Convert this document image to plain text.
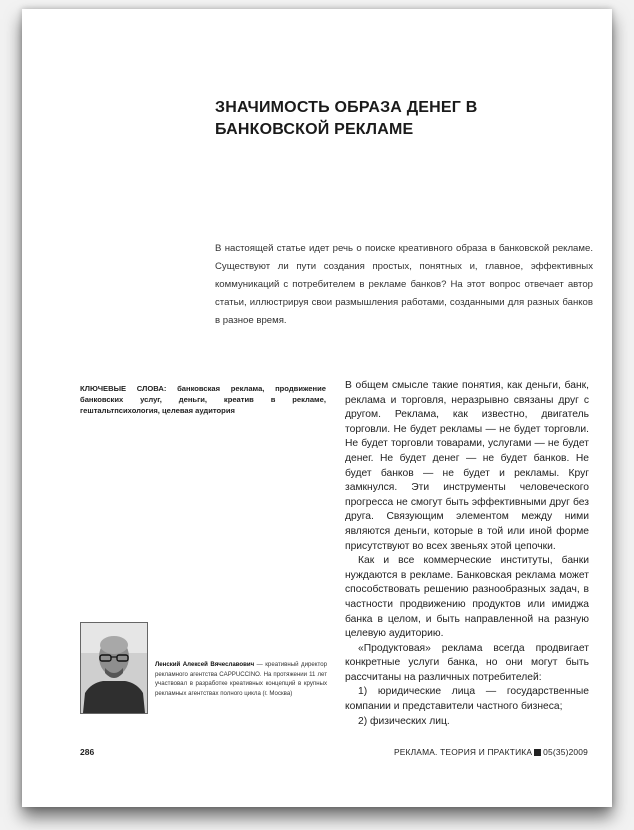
ЗНАЧИМОСТЬ ОБРАЗА ДЕНЕГ В БАНКОВСКОЙ РЕКЛАМЕ
В настоящей статье идет речь о поиске креативного образа в банковской рекламе. Существуют ли пути создания простых, понятных и, главное, эффективных коммуникаций с потребителем в рекламе банков? На этот вопрос отвечает автор статьи, иллюстрируя свои размышления работами, созданными для разных банков в разное время.
КЛЮЧЕВЫЕ СЛОВА: банковская реклама, продвижение банковских услуг, деньги, креатив в рекламе, гештальтпсихология, целевая аудитория

В общем смысле такие понятия, как деньги, банк, реклама и торговля, неразрывно связаны друг с другом. Реклама, как известно, двигатель торговли. Не будет рекламы — не будет торговли. Не будет торговли товарами, услугами — не будет денег. Не будет денег — не будет банков. Не будет банков — не будет и рекламы. Круг замкнулся. Эти инструменты человеческого прогресса не смогут быть эффективными друг без друга. Связующим элементом между ними являются деньги, которые в той или иной форме присутствуют во всех звеньях этой цепочки.

Как и все коммерческие институты, банки нуждаются в рекламе. Банковская реклама может способствовать решению разнообразных задач, в частности продвижению продуктов или имиджа банка в целом, и быть направленной на разную целевую аудиторию.

«Продуктовая» реклама всегда продвигает конкретные услуги банка, но они могут быть рассчитаны на различных потребителей:

1) юридические лица — государственные компании и представители частного бизнеса;

2) физических лиц.

Ленский Алексей Вячеславович — креативный директор рекламного агентства CAPPUCCINO. На протяжении 11 лет участвовал в разработке креативных концепций в крупных рекламных агентствах полного цикла (г. Москва)
286	РЕКЛАМА. ТЕОРИЯ И ПРАКТИКА 05(35)2009
